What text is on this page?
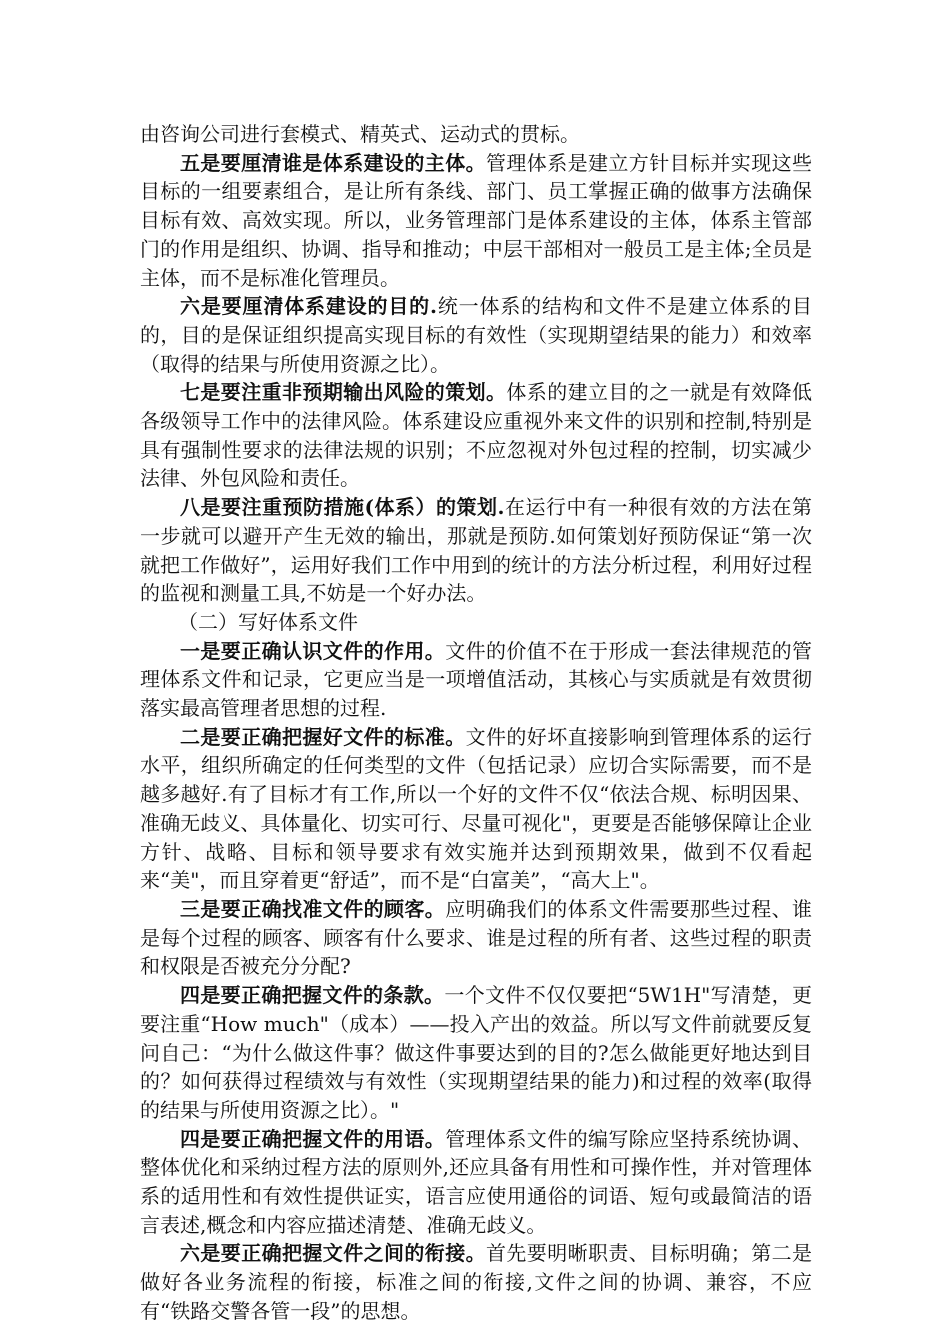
由咨询公司进行套模式、精英式、运动式的贯标。

五是要厘清谁是体系建设的主体。管理体系是建立方针目标并实现这些目标的一组要素组合，是让所有条线、部门、员工掌握正确的做事方法确保目标有效、高效实现。所以，业务管理部门是体系建设的主体，体系主管部门的作用是组织、协调、指导和推动；中层干部相对一般员工是主体;全员是主体，而不是标准化管理员。

六是要厘清体系建设的目的.统一体系的结构和文件不是建立体系的目的，目的是保证组织提高实现目标的有效性（实现期望结果的能力）和效率（取得的结果与所使用资源之比）。

七是要注重非预期输出风险的策划。体系的建立目的之一就是有效降低各级领导工作中的法律风险。体系建设应重视外来文件的识别和控制,特别是具有强制性要求的法律法规的识别；不应忽视对外包过程的控制，切实减少法律、外包风险和责任。

八是要注重预防措施(体系）的策划.在运行中有一种很有效的方法在第一步就可以避开产生无效的输出，那就是预防.如何策划好预防保证“第一次就把工作做好”，运用好我们工作中用到的统计的方法分析过程，利用好过程的监视和测量工具,不妨是一个好办法。

（二）写好体系文件

一是要正确认识文件的作用。文件的价值不在于形成一套法律规范的管理体系文件和记录，它更应当是一项增值活动，其核心与实质就是有效贯彻落实最高管理者思想的过程.

二是要正确把握好文件的标准。文件的好坏直接影响到管理体系的运行水平，组织所确定的任何类型的文件（包括记录）应切合实际需要，而不是越多越好.有了目标才有工作,所以一个好的文件不仅“依法合规、标明因果、准确无歧义、具体量化、切实可行、尽量可视化"，更要是否能够保障让企业方针、战略、目标和领导要求有效实施并达到预期效果，做到不仅看起来“美"，而且穿着更“舒适”，而不是“白富美”，“高大上"。

三是要正确找准文件的顾客。应明确我们的体系文件需要那些过程、谁是每个过程的顾客、顾客有什么要求、谁是过程的所有者、这些过程的职责和权限是否被充分分配?

四是要正确把握文件的条款。一个文件不仅仅要把“5W1H"写清楚，更要注重“How much"（成本）——投入产出的效益。所以写文件前就要反复问自己：“为什么做这件事？做这件事要达到的目的?怎么做能更好地达到目的？如何获得过程绩效与有效性（实现期望结果的能力)和过程的效率(取得的结果与所使用资源之比）。"

四是要正确把握文件的用语。管理体系文件的编写除应坚持系统协调、整体优化和采纳过程方法的原则外,还应具备有用性和可操作性，并对管理体系的适用性和有效性提供证实，语言应使用通俗的词语、短句或最简洁的语言表述,概念和内容应描述清楚、准确无歧义。

六是要正确把握文件之间的衔接。首先要明晰职责、目标明确；第二是做好各业务流程的衔接，标准之间的衔接,文件之间的协调、兼容，不应有“铁路交警各管一段”的思想。
